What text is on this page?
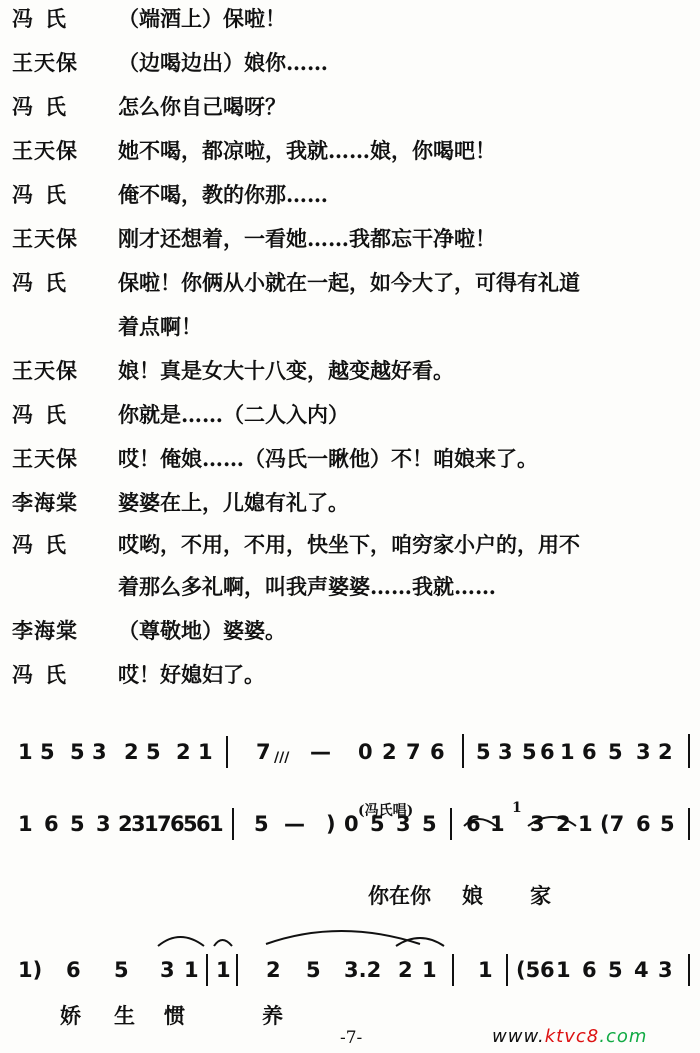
冯氏	（端酒上）保啦！
王天保	（边喝边出）娘你……
冯氏	怎么你自己喝呀？
王天保	她不喝，都凉啦，我就……娘，你喝吧！
冯氏	俺不喝，教的你那……
王天保	刚才还想着，一看她……我都忘干净啦！
冯氏	保啦！你俩从小就在一起，如今大了，可得有礼道
着点啊！
王天保	娘！真是女大十八变，越变越好看。
冯氏	你就是……（二人入内）
王天保	哎！俺娘……（冯氏一瞅他）不！咱娘来了。
李海棠	婆婆在上，儿媳有礼了。
冯氏	哎哟，不用，不用，快坐下，咱穷家小户的，用不
着那么多礼啊，叫我声婆婆……我就……
李海棠	（尊敬地）婆婆。
冯氏	哎！好媳妇了。
1 5 5 3 2 5 2 1 7 /// — 0 2 7 6 5 3 5 6 1 6 5 3 2
(冯氏唱)
1 6 5 3 2
3
1
7
6
5
6
1 5 — ) 0 5 3 5 6 1
1
3 2 1 (7 6 5
你在你 娘 家
1) 6 5 3 1 1 2 5 3.2 2 1 1 (5 6 1 6 5 4 3
娇 生 惯	养
-7-	www.ktvc8.com
